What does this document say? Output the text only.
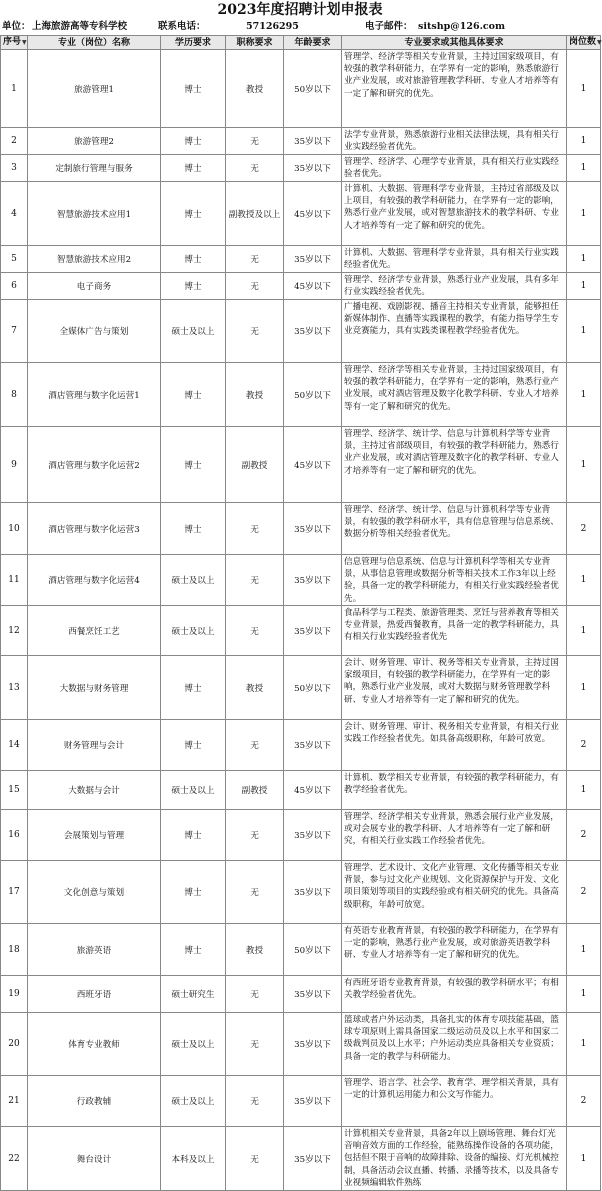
2023年度招聘计划申报表
单位： 上海旅游高等专科学校	联系电话：	57126295	电子邮件： sitshp@126.com
序号▼	专业（岗位）名称	学历要求	职称要求	年龄要求	专业要求或其他具体要求	岗位数▼
1	旅游管理1	博士	教授	50岁以下	管理学、经济学等相关专业背景，主持过国家级项目，有较强的教学科研能力，在学界有一定的影响，熟悉旅游行业产业发展，或对旅游管理教学科研、专业人才培养等有一定了解和研究的优先。	1
2	旅游管理2	博士	无	35岁以下	法学专业背景，熟悉旅游行业相关法律法规，具有相关行业实践经验者优先。	1
3	定制旅行管理与服务	博士	无	35岁以下	管理学、经济学、心理学专业背景，具有相关行业实践经验者优先。	1
4	智慧旅游技术应用1	博士	副教授及以上	45岁以下	计算机、大数据、管理科学专业背景，主持过省部级及以上项目，有较强的教学科研能力，在学界有一定的影响，熟悉行业产业发展，或对智慧旅游技术的教学科研、专业人才培养等有一定了解和研究的优先。	1
5	智慧旅游技术应用2	博士	无	35岁以下	计算机、大数据、管理科学专业背景，具有相关行业实践经验者优先。	1
6	电子商务	博士	无	45岁以下	管理学、经济学专业背景，熟悉行业产业发展，具有多年行业实践经验者优先。	1
7	全媒体广告与策划	硕士及以上	无	35岁以下	广播电视、戏剧影视、播音主持相关专业背景，能够担任新媒体制作、直播等实践课程的教学，有能力指导学生专业竞赛能力，具有实践类课程教学经验者优先。	1
8	酒店管理与数字化运营1	博士	教授	50岁以下	管理学、经济学等相关专业背景，主持过国家级项目，有较强的教学科研能力，在学界有一定的影响，熟悉行业产业发展，或对酒店管理及数字化教学科研、专业人才培养等有一定了解和研究的优先。	1
9	酒店管理与数字化运营2	博士	副教授	45岁以下	管理学、经济学、统计学、信息与计算机科学等专业背景，主持过省部级项目，有较强的教学科研能力，熟悉行业产业发展，或对酒店管理及数字化的教学科研、专业人才培养等有一定了解和研究的优先。	1
10	酒店管理与数字化运营3	博士	无	35岁以下	管理学、经济学、统计学、信息与计算机科学等专业背景，有较强的教学科研水平，具有信息管理与信息系统、数据分析等相关经验者优先。	2
11	酒店管理与数字化运营4	硕士及以上	无	35岁以下	信息管理与信息系统、信息与计算机科学等相关专业背景，从事信息管理或数据分析等相关技术工作3年以上经验，具备一定的教学科研能力，有相关行业实践经验者优先。	1
12	西餐烹饪工艺	硕士及以上	无	35岁以下	食品科学与工程类、旅游管理类、烹饪与营养教育等相关专业背景，热爱西餐教育，具备一定的教学科研能力，具有相关行业实践经验者优先	1
13	大数据与财务管理	博士	教授	50岁以下	会计、财务管理、审计、税务等相关专业背景，主持过国家级项目，有较强的教学科研能力，在学界有一定的影响，熟悉行业产业发展，或对大数据与财务管理教学科研、专业人才培养等有一定了解和研究的优先。	1
14	财务管理与会计	博士	无	35岁以下	会计、财务管理、审计、税务相关专业背景，有相关行业实践工作经验者优先。如具备高级职称，年龄可放宽。	2
15	大数据与会计	硕士及以上	副教授	45岁以下	计算机、数学相关专业背景，有较强的教学科研能力，有教学经验者优先。	1
16	会展策划与管理	博士	无	35岁以下	管理学、经济学相关专业背景，熟悉会展行业产业发展，或对会展专业的教学科研、人才培养等有一定了解和研究，有相关行业实践工作经验者优先。	2
17	文化创意与策划	博士	无	35岁以下	管理学、艺术设计、文化产业管理、文化传播等相关专业背景，参与过文化产业规划、文化资源保护与开发、文化项目策划等项目的实践经验或有相关研究的优先。具备高级职称，年龄可放宽。	2
18	旅游英语	博士	教授	50岁以下	有英语专业教育背景，有较强的教学科研能力，在学界有一定的影响，熟悉行业产业发展，或对旅游英语教学科研、专业人才培养等有一定了解和研究的优先。	1
19	西班牙语	硕士研究生	无	35岁以下	有西班牙语专业教育背景，有较强的教学科研水平；有相关教学经验者优先。	1
20	体育专业教师	硕士及以上	无	35岁以下	篮球或者户外运动类，具备扎实的体育专项技能基础，篮球专项原则上需具备国家二级运动员及以上水平和国家二级裁判员及以上水平；户外运动类应具备相关专业资质；具备一定的教学与科研能力。	1
21	行政教辅	硕士及以上	无	35岁以下	管理学、语言学、社会学、教育学、理学相关背景，具有一定的计算机运用能力和公文写作能力。	2
22	舞台设计	本科及以上	无	35岁以下	计算机相关专业背景，具备2年以上剧场管理、舞台灯光音响音效方面的工作经验，能熟练操作设备的各项功能，包括但不限于音响的故障排除、设备的编接、灯光机械控制，具备活动会议直播、转播、录播等技术，以及具备专业视频编辑软件熟练	1
